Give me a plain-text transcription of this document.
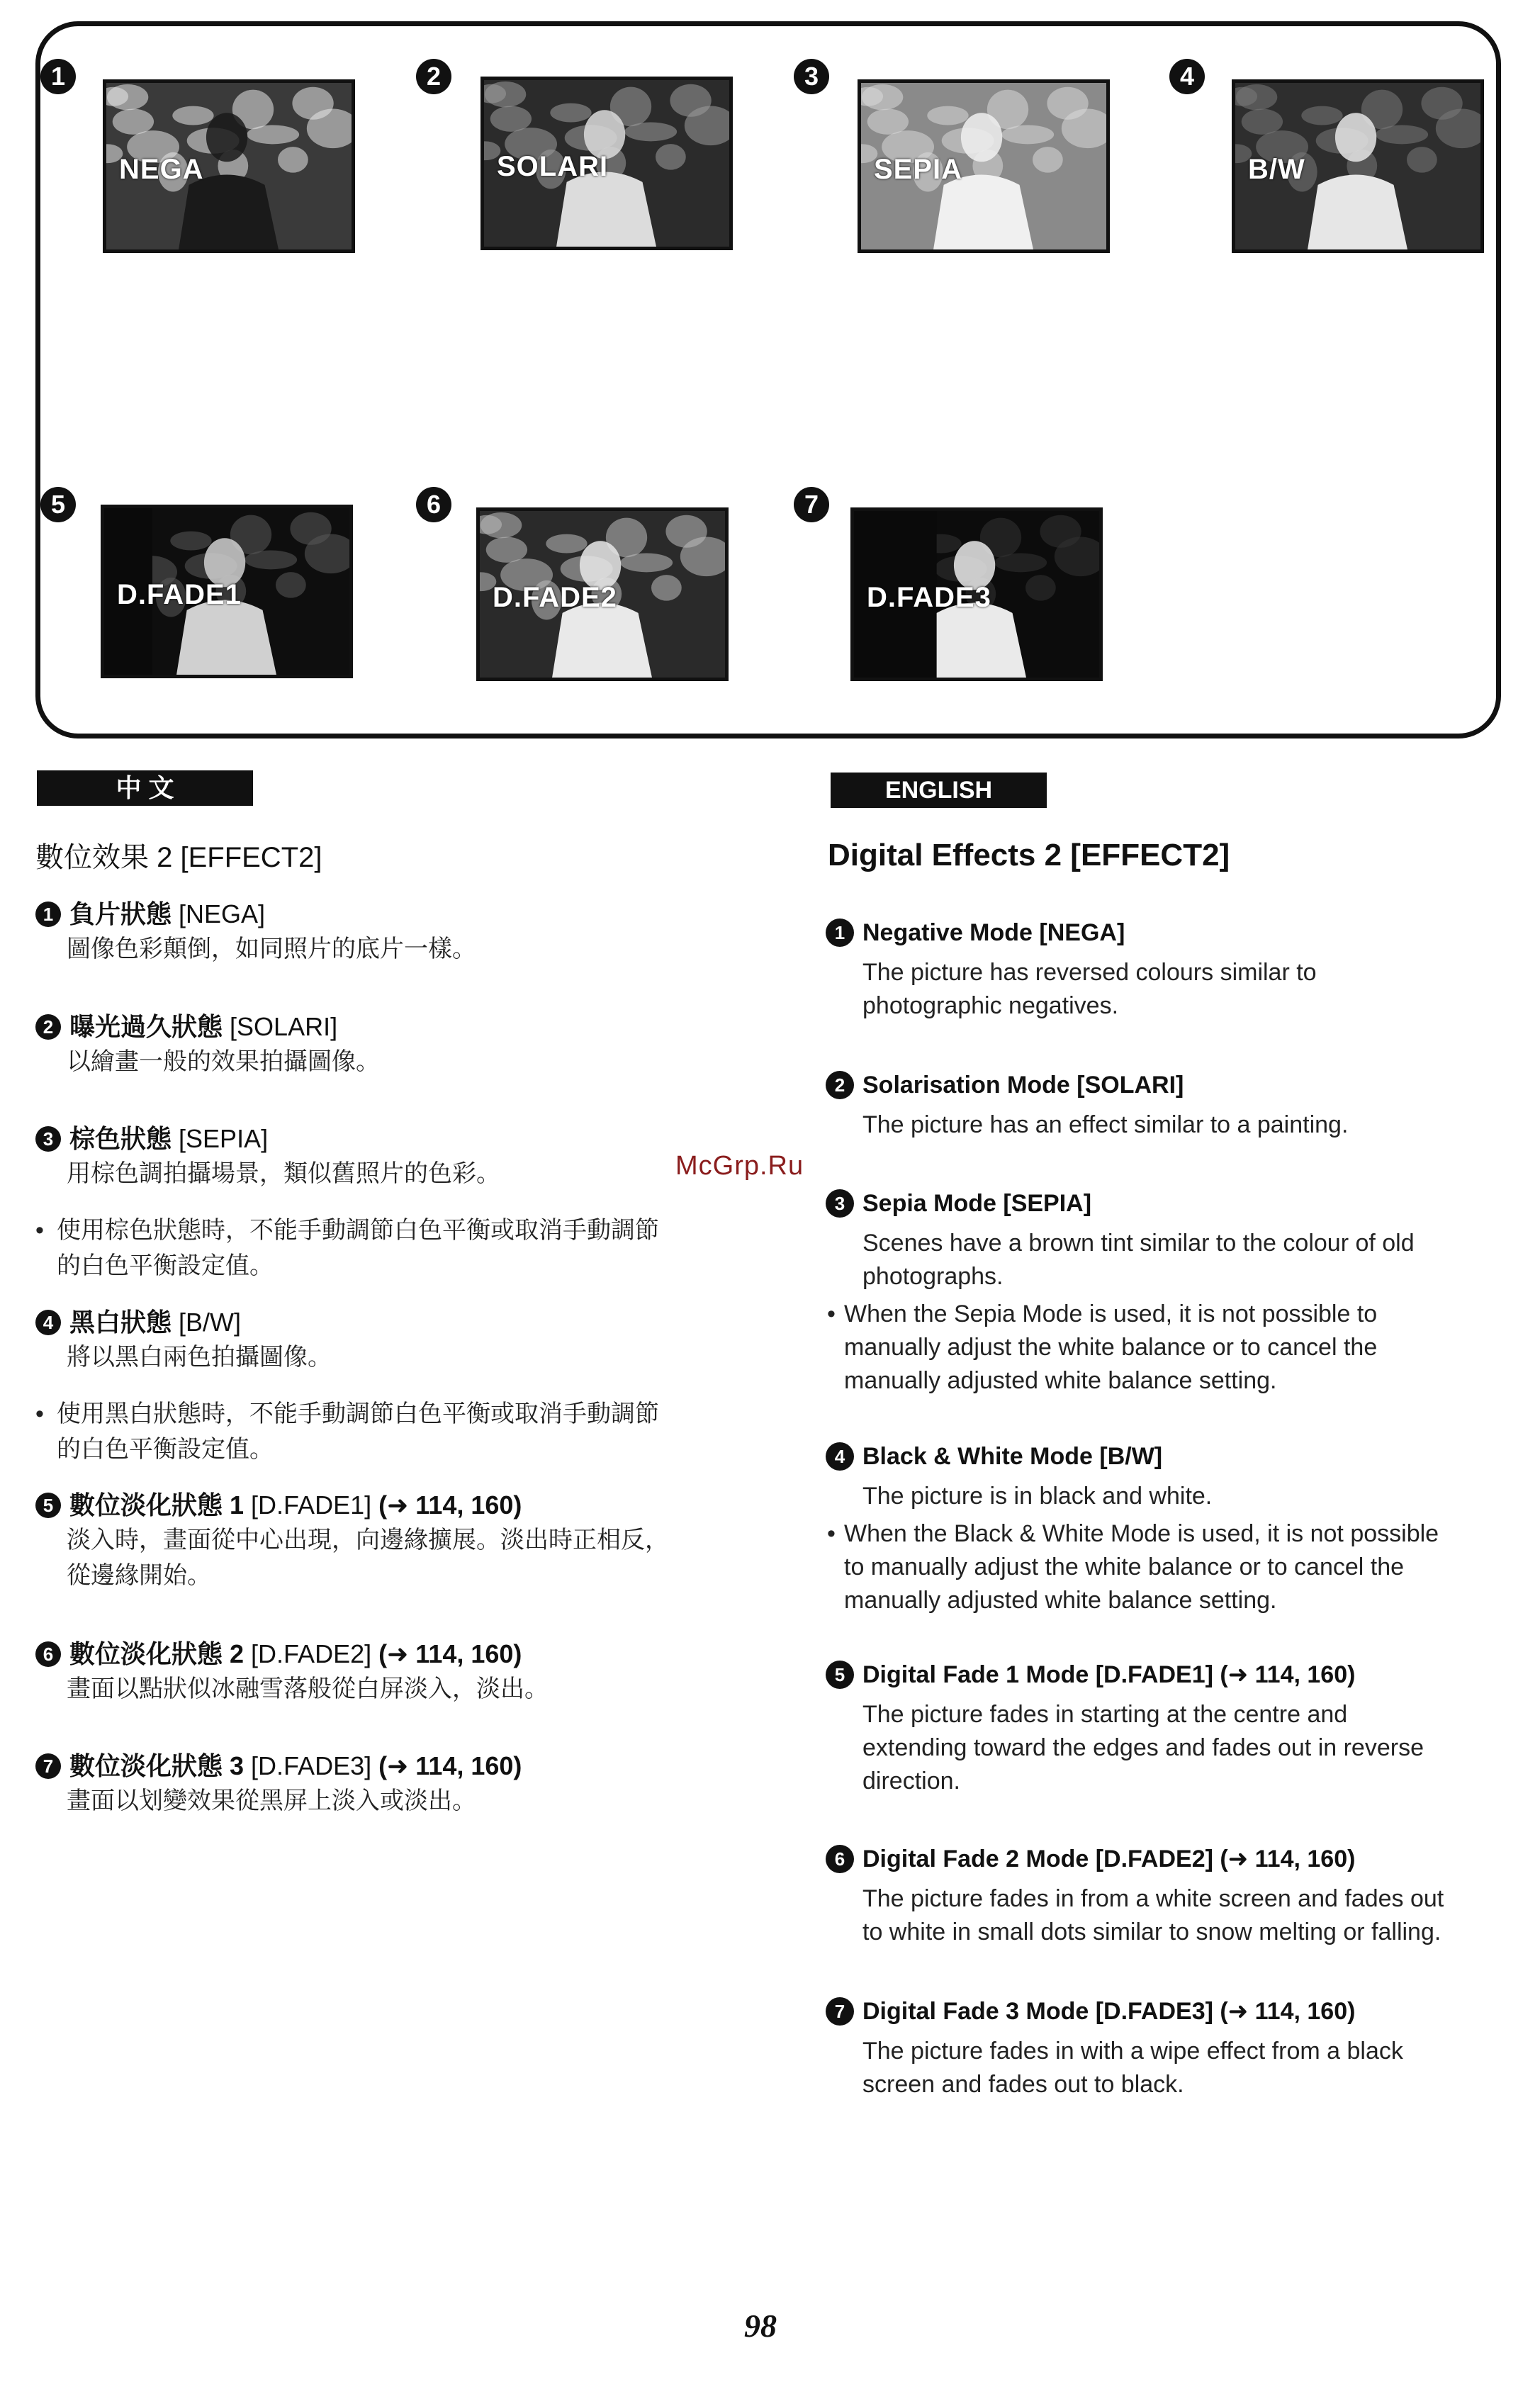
1
NEGA
2
SOLARI
3
SEPIA
4
B/W
5
D.FADE1
6
D.FADE2
7
D.FADE3
中 文
數位效果 2 [EFFECT2]
1 負片狀態
[NEGA]
圖像色彩顛倒，如同照片的底片一樣。
2 曝光過久狀態
[SOLARI]
以繪畫一般的效果拍攝圖像。
3 棕色狀態
[SEPIA]
用棕色調拍攝場景，類似舊照片的色彩。
• 使用棕色狀態時，不能手動調節白色平衡或取消手動調節
的白色平衡設定值。
4 黑白狀態
[B/W]
將以黑白兩色拍攝圖像。
• 使用黑白狀態時，不能手動調節白色平衡或取消手動調節
的白色平衡設定值。
5 數位淡化狀態 1
[D.FADE1]
(➜ 114, 160)
淡入時，畫面從中心出現，向邊緣擴展。淡出時正相反，
從邊緣開始。
6 數位淡化狀態 2
[D.FADE2]
(➜ 114, 160)
畫面以點狀似冰融雪落般從白屏淡入，淡出。
7 數位淡化狀態 3
[D.FADE3]
(➜ 114, 160)
畫面以划變效果從黑屏上淡入或淡出。
ENGLISH
Digital Effects 2 [EFFECT2]
1 Negative Mode [NEGA]
The picture has reversed colours similar to
photographic negatives.
2 Solarisation Mode [SOLARI]
The picture has an effect similar to a painting.
3 Sepia Mode [SEPIA]
Scenes have a brown tint similar to the colour of old
photographs.
• When the Sepia Mode is used, it is not possible to
manually adjust the white balance or to cancel the
manually adjusted white balance setting.
4 Black & White Mode [B/W]
The picture is in black and white.
• When the Black & White Mode is used, it is not possible
to manually adjust the white balance or to cancel the
manually adjusted white balance setting.
5 Digital Fade 1 Mode [D.FADE1] (➜ 114, 160)
The picture fades in starting at the centre and
extending toward the edges and fades out in reverse
direction.
6 Digital Fade 2 Mode [D.FADE2] (➜ 114, 160)
The picture fades in from a white screen and fades out
to white in small dots similar to snow melting or falling.
7 Digital Fade 3 Mode [D.FADE3] (➜ 114, 160)
The picture fades in with a wipe effect from a black
screen and fades out to black.
McGrp.Ru
98
